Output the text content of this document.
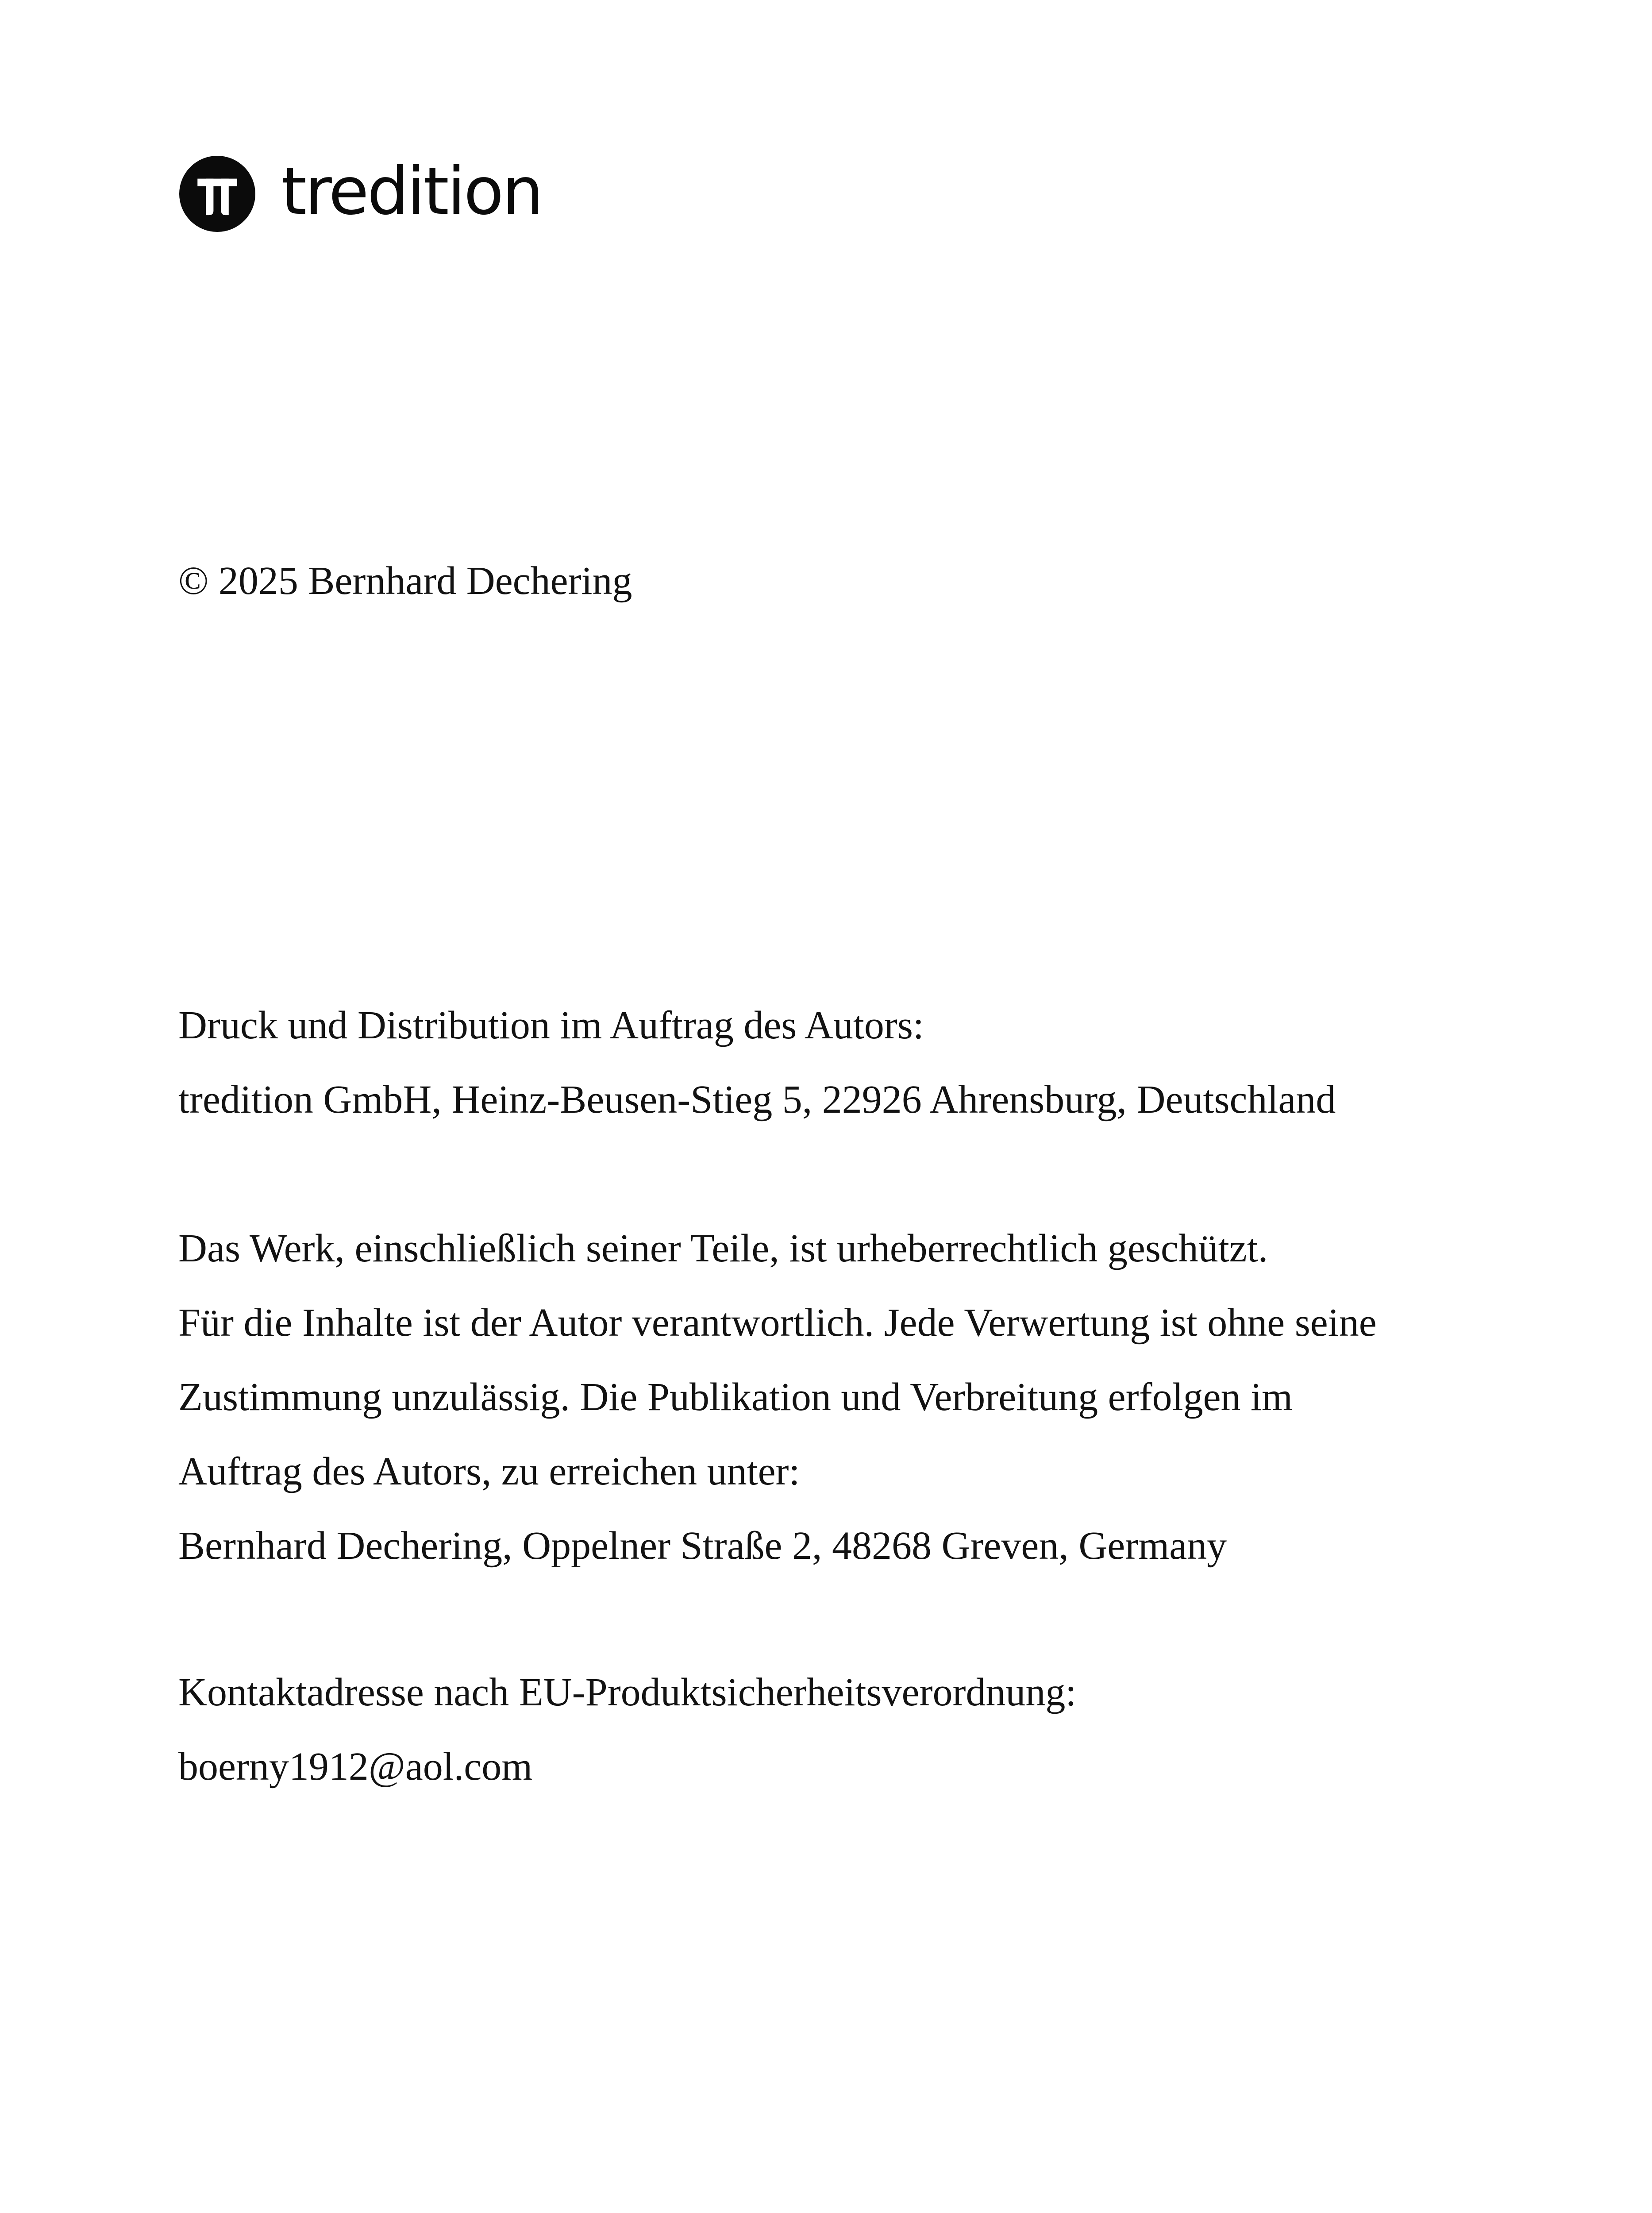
tredition
© 2025 Bernhard Dechering
Druck und Distribution im Auftrag des Autors:
tredition GmbH, Heinz-Beusen-Stieg 5, 22926 Ahrensburg, Deutschland
Das Werk, einschließlich seiner Teile, ist urheberrechtlich geschützt.
Für die Inhalte ist der Autor verantwortlich. Jede Verwertung ist ohne seine
Zustimmung unzulässig. Die Publikation und Verbreitung erfolgen im
Auftrag des Autors, zu erreichen unter:
Bernhard Dechering, Oppelner Straße 2, 48268 Greven, Germany
Kontaktadresse nach EU-Produktsicherheitsverordnung:
boerny1912@aol.com
